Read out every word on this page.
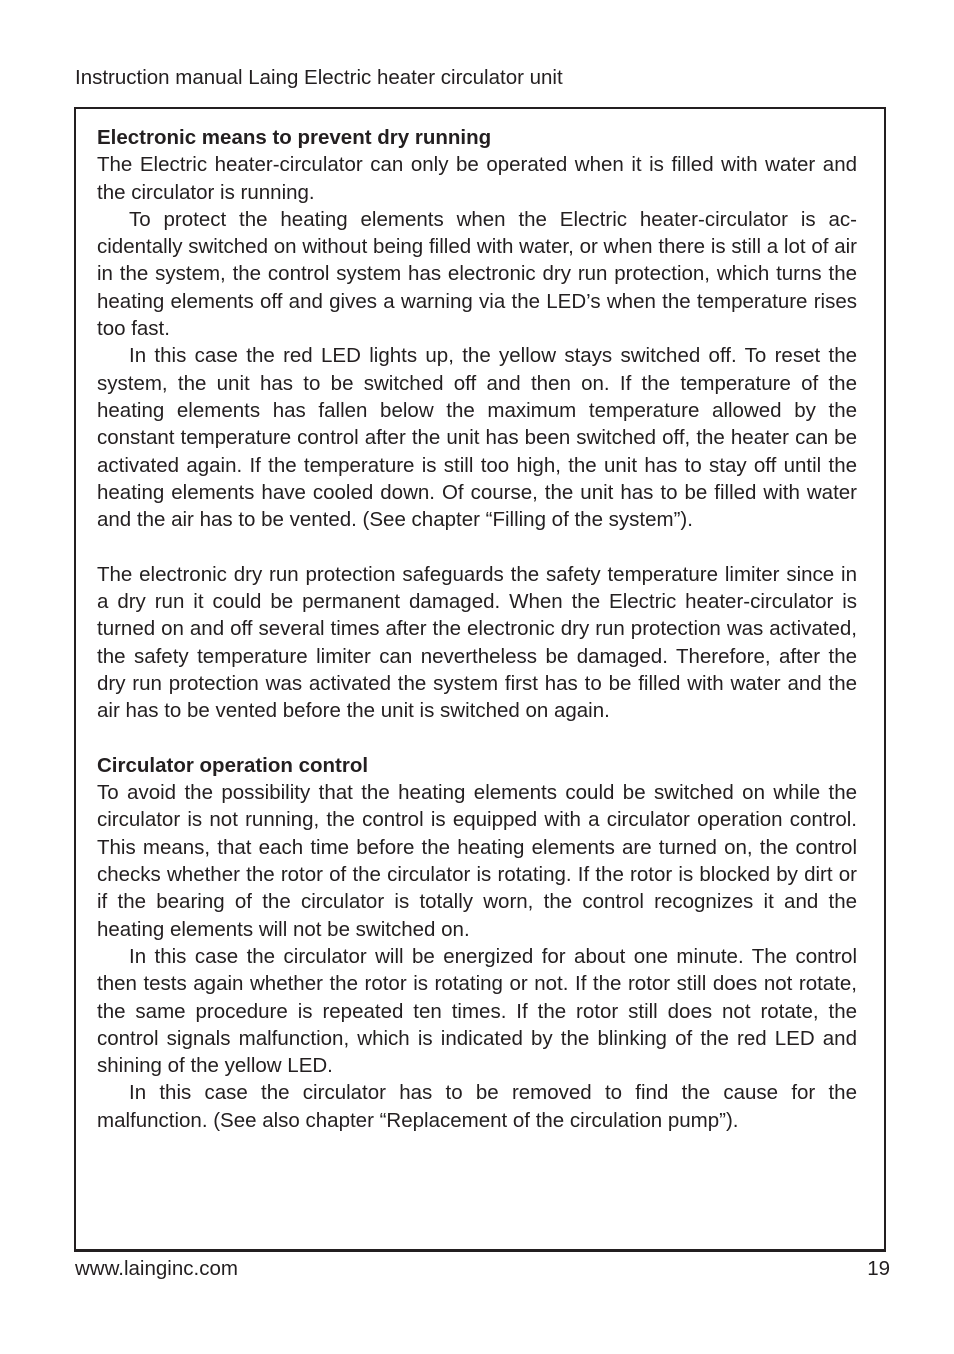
Instruction manual Laing Electric heater circulator unit
Electronic means to prevent dry running

The Electric heater-circulator can only be operated when it is filled with water and the circulator is running.

To protect the heating elements when the Electric heater-circulator is accidentally switched on without being filled with water, or when there is still a lot of air in the system, the control system has electronic dry run protection, which turns the heating elements off and gives a warning via the LED’s when the temperature rises too fast.

In this case the red LED lights up, the yellow stays switched off. To reset the system, the unit has to be switched off and then on. If the temperature of the heating elements has fallen below the maximum temperature allowed by the constant temperature control after the unit has been switched off, the heater can be activated again. If the temperature is still too high, the unit has to stay off until the heating elements have cooled down. Of course, the unit has to be filled with water and the air has to be vented. (See chapter “Filling of the system”).

The electronic dry run protection safeguards the safety temperature limiter since in a dry run it could be permanent damaged. When the Electric heater-circulator is turned on and off several times after the electronic dry run protection was activated, the safety temperature limiter can nevertheless be damaged. Therefore, after the dry run protection was activated the system first has to be filled with water and the air has to be vented before the unit is switched on again.

Circulator operation control

To avoid the possibility that the heating elements could be switched on while the circulator is not running, the control is equipped with a circulator operation control. This means, that each time before the heating elements are turned on, the control checks whether the rotor of the circulator is rotating. If the rotor is blocked by dirt or if the bearing of the circulator is totally worn, the control recognizes it and the heating elements will not be switched on.

In this case the circulator will be energized for about one minute. The control then tests again whether the rotor is rotating or not. If the rotor still does not rotate, the same procedure is repeated ten times. If the rotor still does not rotate, the control signals malfunction, which is indicated by the blinking of the red LED and shining of the yellow LED.

In this case the circulator has to be removed to find the cause for the malfunction. (See also chapter “Replacement of the circulation pump”).

www.lainginc.com	19
